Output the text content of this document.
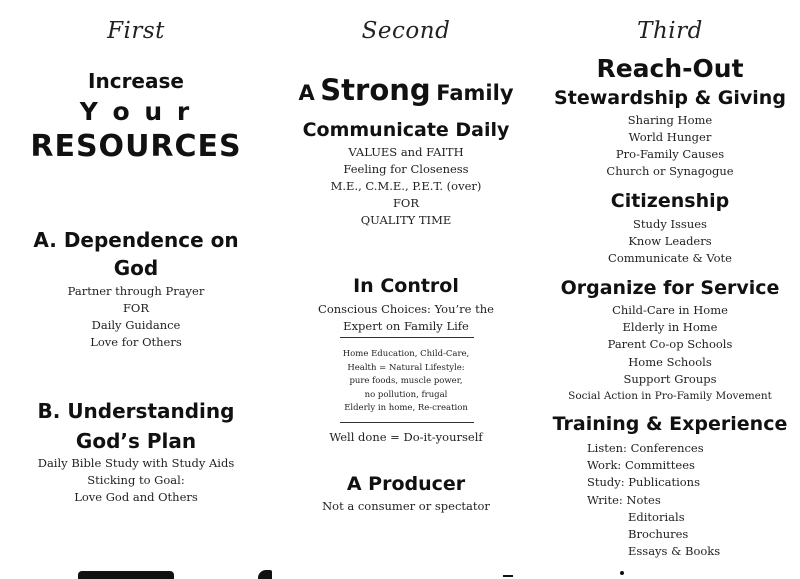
First
Increase
Y o u r
RESOURCES
A. Dependence on
God
Partner through Prayer
FOR
Daily Guidance
Love for Others
B. Understanding
God’s Plan
Daily Bible Study with Study Aids
Sticking to Goal:
Love God and Others
Second
A Strong Family
Communicate Daily
VALUES and FAITH
Feeling for Closeness
M.E., C.M.E., P.E.T. (over)
FOR
QUALITY TIME
In Control
Conscious Choices: You’re the
Expert on Family Life
Home Education, Child-Care,
Health = Natural Lifestyle:
pure foods, muscle power,
no pollution, frugal
Elderly in home, Re-creation
Well done = Do-it-yourself
A Producer
Not a consumer or spectator
Third
Reach-Out
Stewardship & Giving
Sharing Home
World Hunger
Pro-Family Causes
Church or Synagogue
Citizenship
Study Issues
Know Leaders
Communicate & Vote
Organize for Service
Child-Care in Home
Elderly in Home
Parent Co-op Schools
Home Schools
Support Groups
Social Action in Pro-Family Movement
Training & Experience
Listen: Conferences
Work: Committees
Study: Publications
Write: Notes
Editorials
Brochures
Essays & Books
